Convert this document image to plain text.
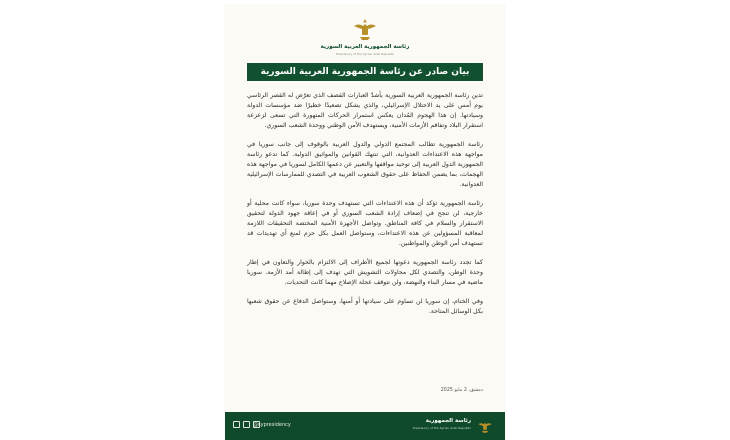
رئاسة الجمهورية العربية السورية
Presidency of the Syrian Arab Republic
بيان صادر عن رئاسة الجمهورية العربية السورية

تدين رئاسة الجمهورية العربية السورية بأشدّ العبارات القصف الذي تعرّض له القصر الرئاسي يوم أمس على يد الاحتلال الإسرائيلي، والذي يشكل تصعيدًا خطيرًا ضد مؤسسات الدولة وسيادتها. إن هذا الهجوم المُدان يعكس استمرار الحركات المتهورة التي تسعى لزعزعة استقرار البلاد وتفاقم الأزمات الأمنية، ويستهدف الأمن الوطني ووحدة الشعب السوري.

رئاسة الجمهورية تطالب المجتمع الدولي والدول العربية بالوقوف إلى جانب سوريا في مواجهة هذه الاعتداءات العدوانية، التي تنتهك القوانين والمواثيق الدولية. كما تدعو رئاسة الجمهورية الدول العربية إلى توحيد مواقفها والتعبير عن دعمها الكامل لسوريا في مواجهة هذه الهجمات، بما يضمن الحفاظ على حقوق الشعوب العربية في التصدي للممارسات الإسرائيلية العدوانية.

رئاسة الجمهورية تؤكد أن هذه الاعتداءات التي تستهدف وحدة سوريا، سواء كانت محلية أو خارجية، لن تنجح في إضعاف إرادة الشعب السوري أو في إعاقة جهود الدولة لتحقيق الاستقرار والسلام في كافة المناطق. وتواصل الأجهزة الأمنية المختصة التحقيقات اللازمة لمعاقبة المسؤولين عن هذه الاعتداءات، وستواصل العمل بكل حزم لمنع أي تهديدات قد تستهدف أمن الوطن والمواطنين.

كما تجدد رئاسة الجمهورية دعوتها لجميع الأطراف إلى الالتزام بالحوار والتعاون في إطار وحدة الوطن، والتصدي لكل محاولات التشويش التي تهدف إلى إطالة أمد الأزمة. سوريا ماضية في مسار البناء والنهضة، ولن تتوقف عجلة الإصلاح مهما كانت التحديات.

وفي الختام، إن سوريا لن تساوم على سيادتها أو أمنها، وستواصل الدفاع عن حقوق شعبها بكل الوسائل المتاحة.

دمشق، 2 مايو 2025
@sypresidency
رئاسة الجمهورية
Presidency of the Syrian Arab Republic
